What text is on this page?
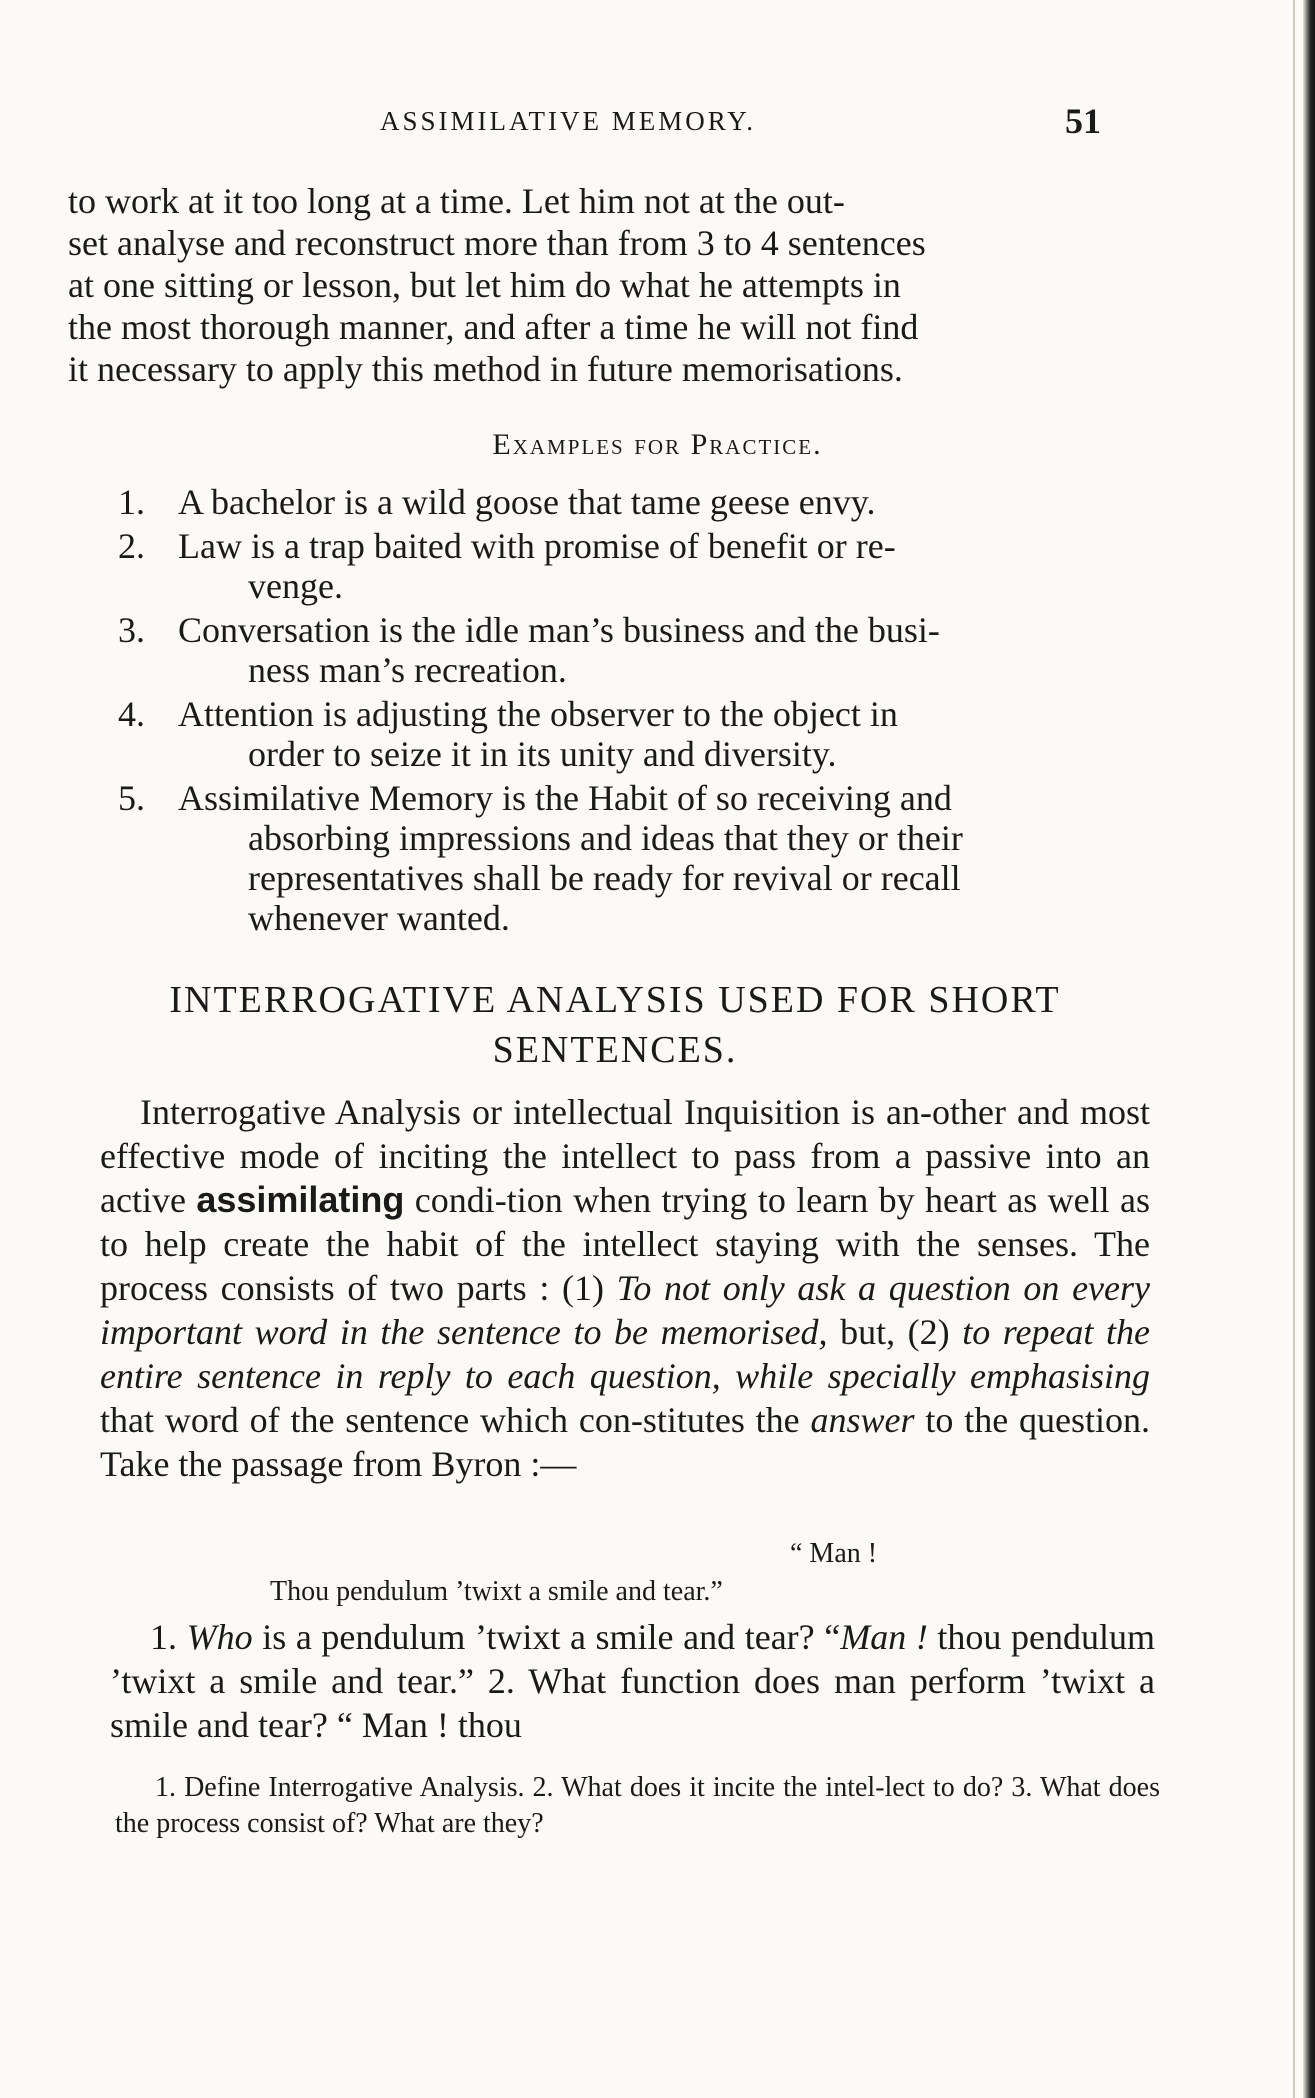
ASSIMILATIVE MEMORY.	51
to work at it too long at a time. Let him not at the out-
set analyse and reconstruct more than from 3 to 4 sentences
at one sitting or lesson, but let him do what he attempts in
the most thorough manner, and after a time he will not find
it necessary to apply this method in future memorisations.
Examples for Practice.
1. A bachelor is a wild goose that tame geese envy.
2. Law is a trap baited with promise of benefit or re-
venge.
3. Conversation is the idle man’s business and the busi-
ness man’s recreation.
4. Attention is adjusting the observer to the object in
order to seize it in its unity and diversity.
5. Assimilative Memory is the Habit of so receiving and
absorbing impressions and ideas that they or their
representatives shall be ready for revival or recall
whenever wanted.
INTERROGATIVE ANALYSIS USED FOR SHORT
SENTENCES.
Interrogative Analysis or intellectual Inquisition is an-other and most effective mode of inciting the intellect to pass from a passive into an active assimilating condi-tion when trying to learn by heart as well as to help create the habit of the intellect staying with the senses. The process consists of two parts : (1) To not only ask a question on every important word in the sentence to be memorised, but, (2) to repeat the entire sentence in reply to each question, while specially emphasising that word of the sentence which con-stitutes the answer to the question. Take the passage from Byron :—
“ Man !
Thou pendulum ’twixt a smile and tear.”
1. Who is a pendulum ’twixt a smile and tear? “Man ! thou pendulum ’twixt a smile and tear.” 2. What function does man perform ’twixt a smile and tear? “ Man ! thou
1. Define Interrogative Analysis. 2. What does it incite the intel-lect to do? 3. What does the process consist of? What are they?
